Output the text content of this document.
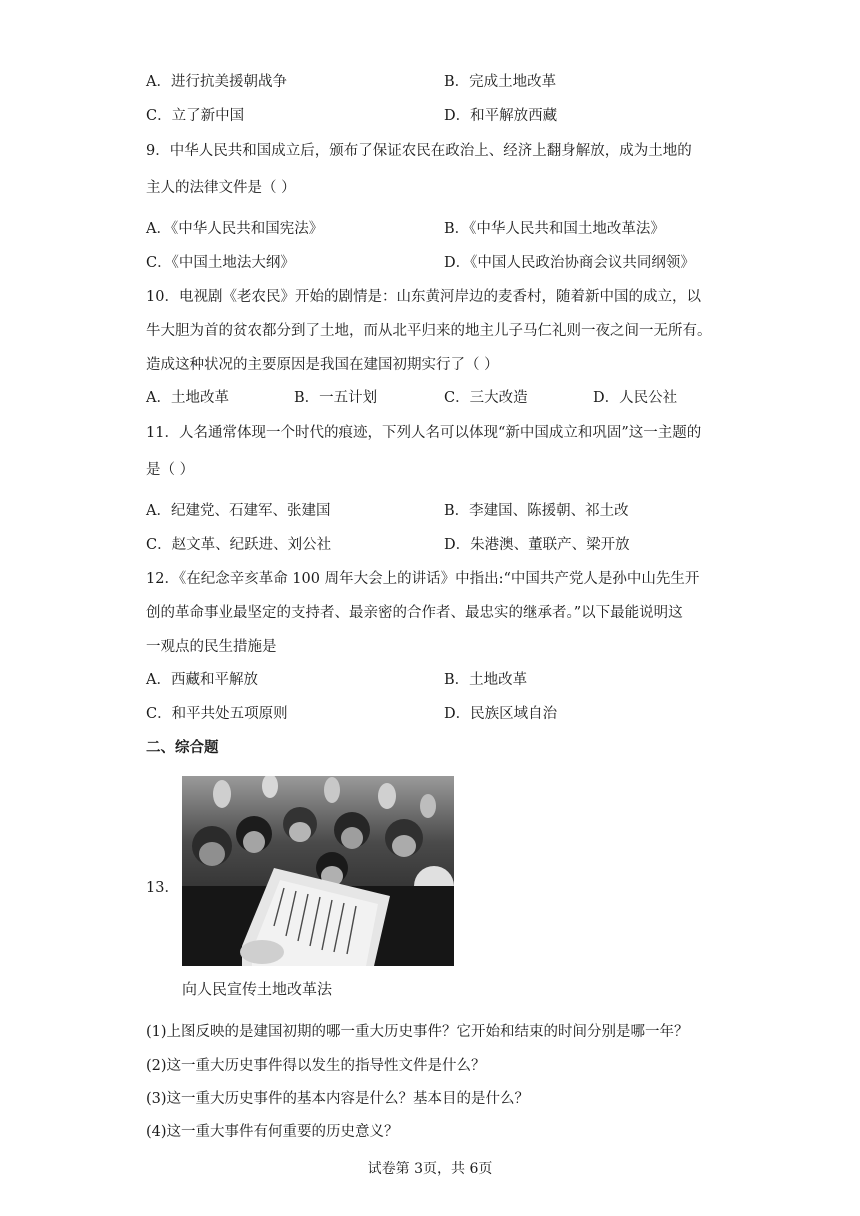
A．进行抗美援朝战争	B．完成土地改革
C．立了新中国	D．和平解放西藏
9．中华人民共和国成立后，颁布了保证农民在政治上、经济上翻身解放，成为土地的
主人的法律文件是（ ）
A．《中华人民共和国宪法》	B．《中华人民共和国土地改革法》
C．《中国土地法大纲》	D．《中国人民政治协商会议共同纲领》
10．电视剧《老农民》开始的剧情是：山东黄河岸边的麦香村，随着新中国的成立，以
牛大胆为首的贫农都分到了土地，而从北平归来的地主儿子马仁礼则一夜之间一无所有。
造成这种状况的主要原因是我国在建国初期实行了（ ）
A．土地改革	B．一五计划	C．三大改造	D．人民公社
11．人名通常体现一个时代的痕迹，下列人名可以体现“新中国成立和巩固”这一主题的
是（ ）
A．纪建党、石建军、张建国	B．李建国、陈援朝、祁土改
C．赵文革、纪跃进、刘公社	D．朱港澳、董联产、梁开放
12．《在纪念辛亥革命 100 周年大会上的讲话》中指出:“中国共产党人是孙中山先生开
创的革命事业最坚定的支持者、最亲密的合作者、最忠实的继承者。”以下最能说明这
一观点的民生措施是
A．西藏和平解放	B．土地改革
C．和平共处五项原则	D．民族区域自治
二、综合题
13．
向人民宣传土地改革法
(1)上图反映的是建国初期的哪一重大历史事件？它开始和结束的时间分别是哪一年？
(2)这一重大历史事件得以发生的指导性文件是什么？
(3)这一重大历史事件的基本内容是什么？基本目的是什么？
(4)这一重大事件有何重要的历史意义？
试卷第 3页，共 6页
